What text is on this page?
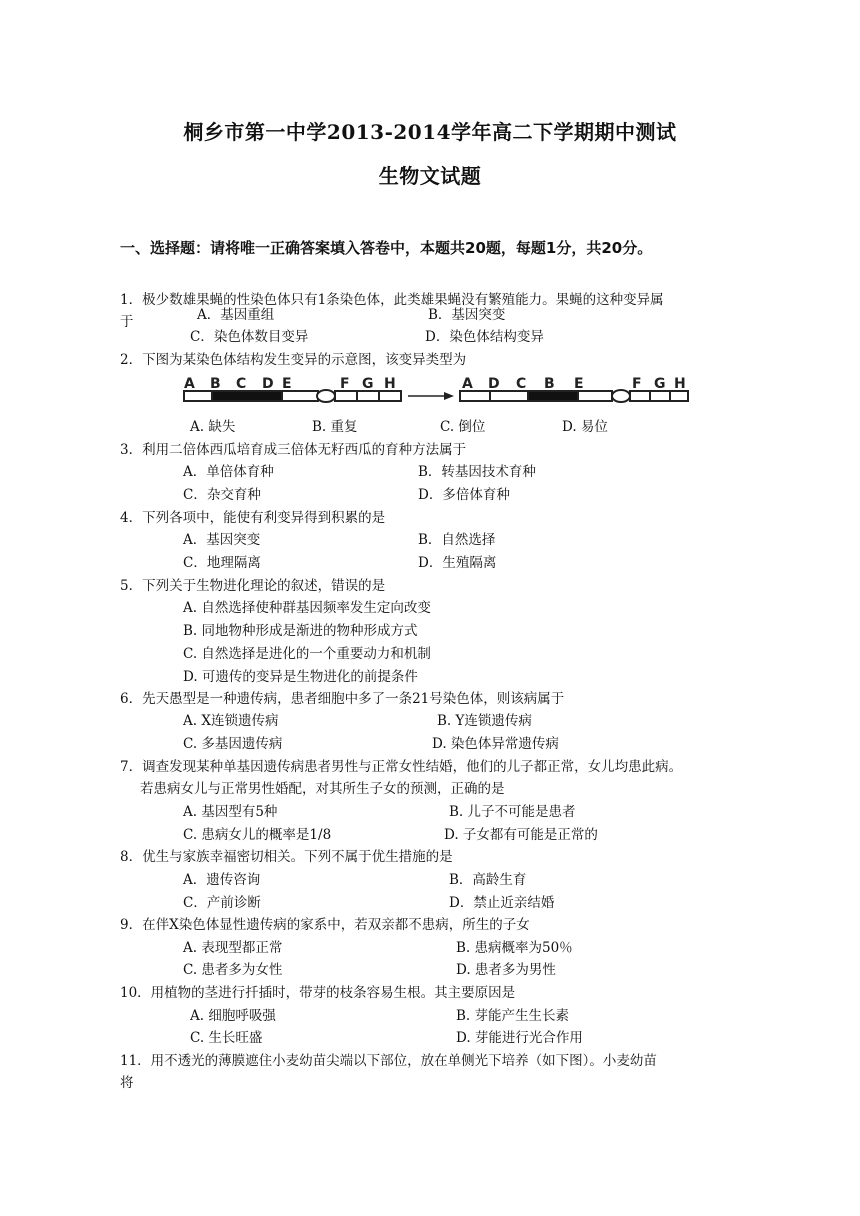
桐乡市第一中学2013-2014学年高二下学期期中测试
生物文试题
一、选择题：请将唯一正确答案填入答卷中，本题共20题，每题1分，共20分。
1．极少数雄果蝇的性染色体只有1条染色体，此类雄果蝇没有繁殖能力。果蝇的这种变异属
于	A．基因重组	B．基因突变
C．染色体数目变异	D．染色体结构变异
2．下图为某染色体结构发生变异的示意图，该变异类型为
A B C D E	F G H	A D C B E	F G H
A. 缺失	B. 重复	C. 倒位	D. 易位
3．利用二倍体西瓜培育成三倍体无籽西瓜的育种方法属于
A．单倍体育种	B．转基因技术育种
C．杂交育种	D．多倍体育种
4．下列各项中，能使有利变异得到积累的是
A．基因突变	B．自然选择
C．地理隔离	D．生殖隔离
5．下列关于生物进化理论的叙述，错误的是
A. 自然选择使种群基因频率发生定向改变
B. 同地物种形成是渐进的物种形成方式
C. 自然选择是进化的一个重要动力和机制
D. 可遗传的变异是生物进化的前提条件
6．先天愚型是一种遗传病，患者细胞中多了一条21号染色体，则该病属于
A. X连锁遗传病	B. Y连锁遗传病
C. 多基因遗传病	D. 染色体异常遗传病
7．调查发现某种单基因遗传病患者男性与正常女性结婚，他们的儿子都正常，女儿均患此病。
若患病女儿与正常男性婚配，对其所生子女的预测，正确的是
A. 基因型有5种	B. 儿子不可能是患者
C. 患病女儿的概率是1/8	D. 子女都有可能是正常的
8．优生与家族幸福密切相关。下列不属于优生措施的是
A．遗传咨询	B．高龄生育
C．产前诊断	D．禁止近亲结婚
9．在伴X染色体显性遗传病的家系中，若双亲都不患病，所生的子女
A. 表现型都正常	B. 患病概率为50％
C. 患者多为女性	D. 患者多为男性
10．用植物的茎进行扦插时，带芽的枝条容易生根。其主要原因是
A. 细胞呼吸强	B. 芽能产生生长素
C. 生长旺盛	D. 芽能进行光合作用
11．用不透光的薄膜遮住小麦幼苗尖端以下部位，放在单侧光下培养（如下图）。小麦幼苗
将
